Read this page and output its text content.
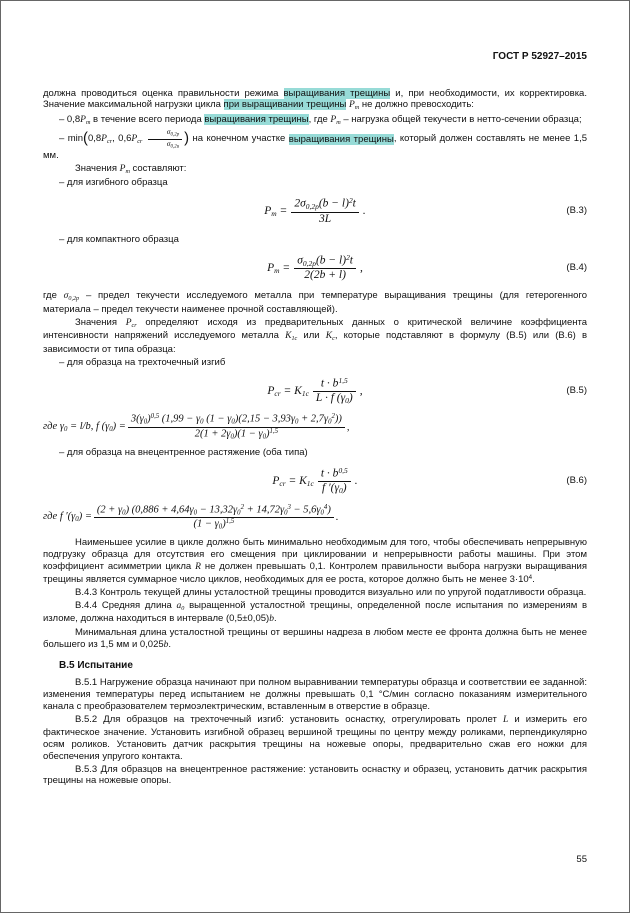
ГОСТ Р 52927–2015

должна проводиться оценка правильности режима выращивания трещины и, при необходимости, их корректировка. Значение максимальной нагрузки цикла при выращивании трещины $P_т$ не должно превосходить:

– $0,8P_т$ в течение всего периода выращивания трещины, где $P_т$ – нагрузка общей текучести в нетто-сечении образца;

– $\min(0,8P_{cr}$, $0,6P_{cr} \frac{\sigma_{0,2р}}{\sigma_{0,2и}}$ ) на конечном участке выращивания трещины, который должен составлять не менее 1,5 мм.

Значения $P_т$ составляют:

– для изгибного образца

$P_т = \frac{2\sigma_{0,2р}(b - l)^2t}{3L}$ .	(В.3)

– для компактного образца

$P_т = \frac{\sigma_{0,2р}(b - l)^2t}{2(2b + l)}$ ,	(В.4)

где $\sigma_{0,2р}$ – предел текучести исследуемого металла при температуре выращивания трещины (для гетерогенного материала – предел текучести наименее прочной составляющей).

Значения $P_{cr}$ определяют исходя из предварительных данных о критической величине коэффициента интенсивности напряжений исследуемого металла $K_{1с}$ или $K_с$, которые подставляют в формулу (В.5) или (В.6) в зависимости от типа образца:

– для образца на трехточечный изгиб

$P_{cr} = K_{1с} \frac{t \cdot b^{1,5}}{L \cdot f (\gamma_0)}$ ,	(В.5)
где $\gamma_0 = l/b$, f $(\gamma_0) = \frac{3(\gamma_0)^{0,5} (1,99 - \gamma_0 (1 - \gamma_0)(2,15 - 3,93\gamma_0 + 2,7\gamma_0^2))}{2(1 + 2\gamma_0)(1 - \gamma_0)^{1,5}}$ ,

– для образца на внецентренное растяжение (оба типа)

$P_{cr} = K_{1с} \frac{t \cdot b^{0,5}}{f '(\gamma_0)}$ .	(В.6)
где f $'(\gamma_0) = \frac{(2 + \gamma_0) (0,886 + 4,64\gamma_0 - 13,32\gamma_0^2 + 14,72\gamma_0^3 - 5,6\gamma_0^4)}{(1 - \gamma_0)^{1,5}}$ .

Наименьшее усилие в цикле должно быть минимально необходимым для того, чтобы обеспечивать непрерывную подгрузку образца для отсутствия его смещения при циклировании и непрерывности работы машины. При этом коэффициент асимметрии цикла R не должен превышать 0,1. Контролем правильности выбора нагрузки выращивания трещины является суммарное число циклов, необходимых для ее роста, которое должно быть не менее $3\cdot 10^4$.

В.4.3 Контроль текущей длины усталостной трещины проводится визуально или по упругой податливости образца.

В.4.4 Средняя длина $a_0$ выращенной усталостной трещины, определенной после испытания по измерениям в изломе, должна находиться в интервале (0,5±0,05)b.

Минимальная длина усталостной трещины от вершины надреза в любом месте ее фронта должна быть не менее большего из 1,5 мм и 0,025b.

В.5 Испытание

В.5.1 Нагружение образца начинают при полном выравнивании температуры образца и соответствии ее заданной: изменения температуры перед испытанием не должны превышать 0,1 °С/мин согласно показаниям измерительного канала с преобразователем термоэлектрическим, вставленным в отверстие в образце.

В.5.2 Для образцов на трехточечный изгиб: установить оснастку, отрегулировать пролет L и измерить его фактическое значение. Установить изгибной образец вершиной трещины по центру между роликами, перпендикулярно осям роликов. Установить датчик раскрытия трещины на ножевые опоры, предварительно сжав его ножки для обеспечения упругого контакта.

В.5.3 Для образцов на внецентренное растяжение: установить оснастку и образец, установить датчик раскрытия трещины на ножевые опоры.

55
